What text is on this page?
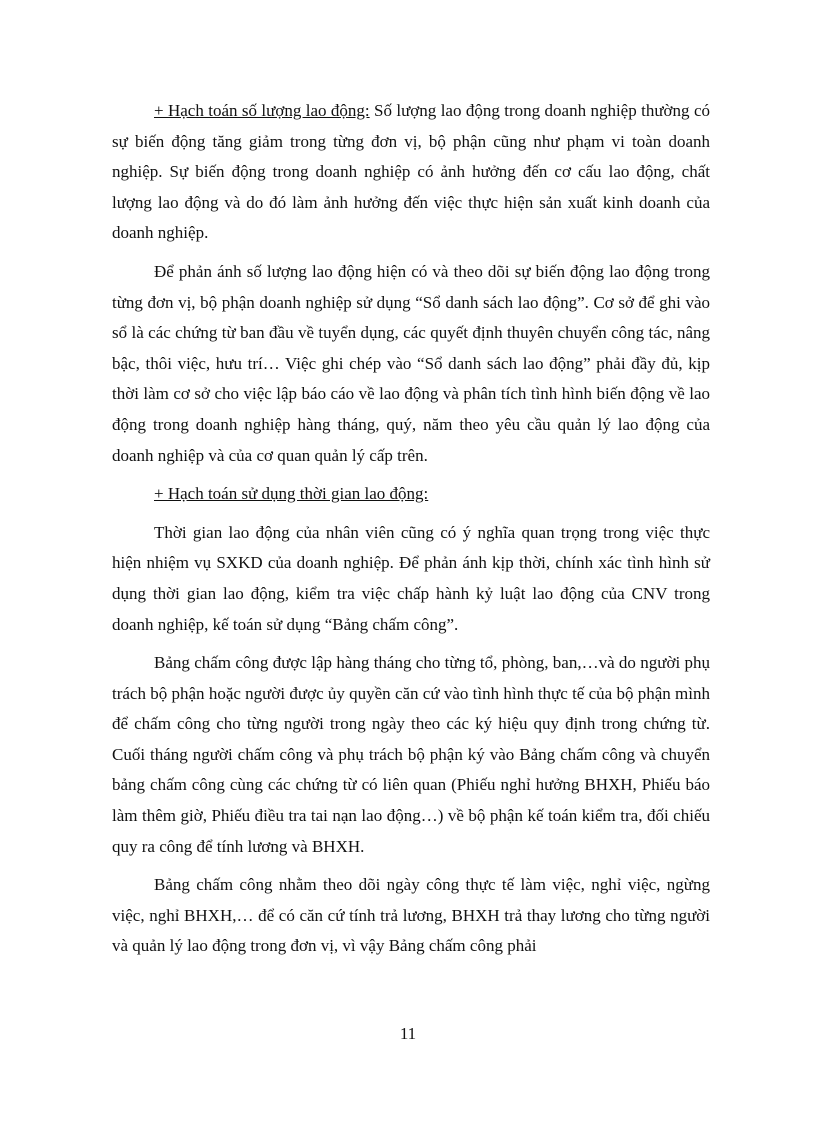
+ Hạch toán số lượng lao động: Số lượng lao động trong doanh nghiệp thường có sự biến động tăng giảm trong từng đơn vị, bộ phận cũng như phạm vi toàn doanh nghiệp. Sự biến động trong doanh nghiệp có ảnh hưởng đến cơ cấu lao động, chất lượng lao động và do đó làm ảnh hưởng đến việc thực hiện sản xuất kinh doanh của doanh nghiệp.

Để phản ánh số lượng lao động hiện có và theo dõi sự biến động lao động trong từng đơn vị, bộ phận doanh nghiệp sử dụng “Sổ danh sách lao động”. Cơ sở để ghi vào sổ là các chứng từ ban đầu về tuyển dụng, các quyết định thuyên chuyển công tác, nâng bậc, thôi việc, hưu trí… Việc ghi chép vào “Sổ danh sách lao động” phải đầy đủ, kịp thời làm cơ sở cho việc lập báo cáo về lao động và phân tích tình hình biến động về lao động trong doanh nghiệp hàng tháng, quý, năm theo yêu cầu quản lý lao động của doanh nghiệp và của cơ quan quản lý cấp trên.

+ Hạch toán sử dụng thời gian lao động:

Thời gian lao động của nhân viên cũng có ý nghĩa quan trọng trong việc thực hiện nhiệm vụ SXKD của doanh nghiệp. Để phản ánh kịp thời, chính xác tình hình sử dụng thời gian lao động, kiểm tra việc chấp hành kỷ luật lao động của CNV trong doanh nghiệp, kế toán sử dụng “Bảng chấm công”.

Bảng chấm công được lập hàng tháng cho từng tổ, phòng, ban,…và do người phụ trách bộ phận hoặc người được ủy quyền căn cứ vào tình hình thực tế của bộ phận mình để chấm công cho từng người trong ngày theo các ký hiệu quy định trong chứng từ. Cuối tháng người chấm công và phụ trách bộ phận ký vào Bảng chấm công và chuyển bảng chấm công cùng các chứng từ có liên quan (Phiếu nghỉ hưởng BHXH, Phiếu báo làm thêm giờ, Phiếu điều tra tai nạn lao động…) về bộ phận kế toán kiểm tra, đối chiếu quy ra công để tính lương và BHXH.

Bảng chấm công nhằm theo dõi ngày công thực tế làm việc, nghỉ việc, ngừng việc, nghỉ BHXH,… để có căn cứ tính trả lương, BHXH trả thay lương cho từng người và quản lý lao động trong đơn vị, vì vậy Bảng chấm công phải

11
